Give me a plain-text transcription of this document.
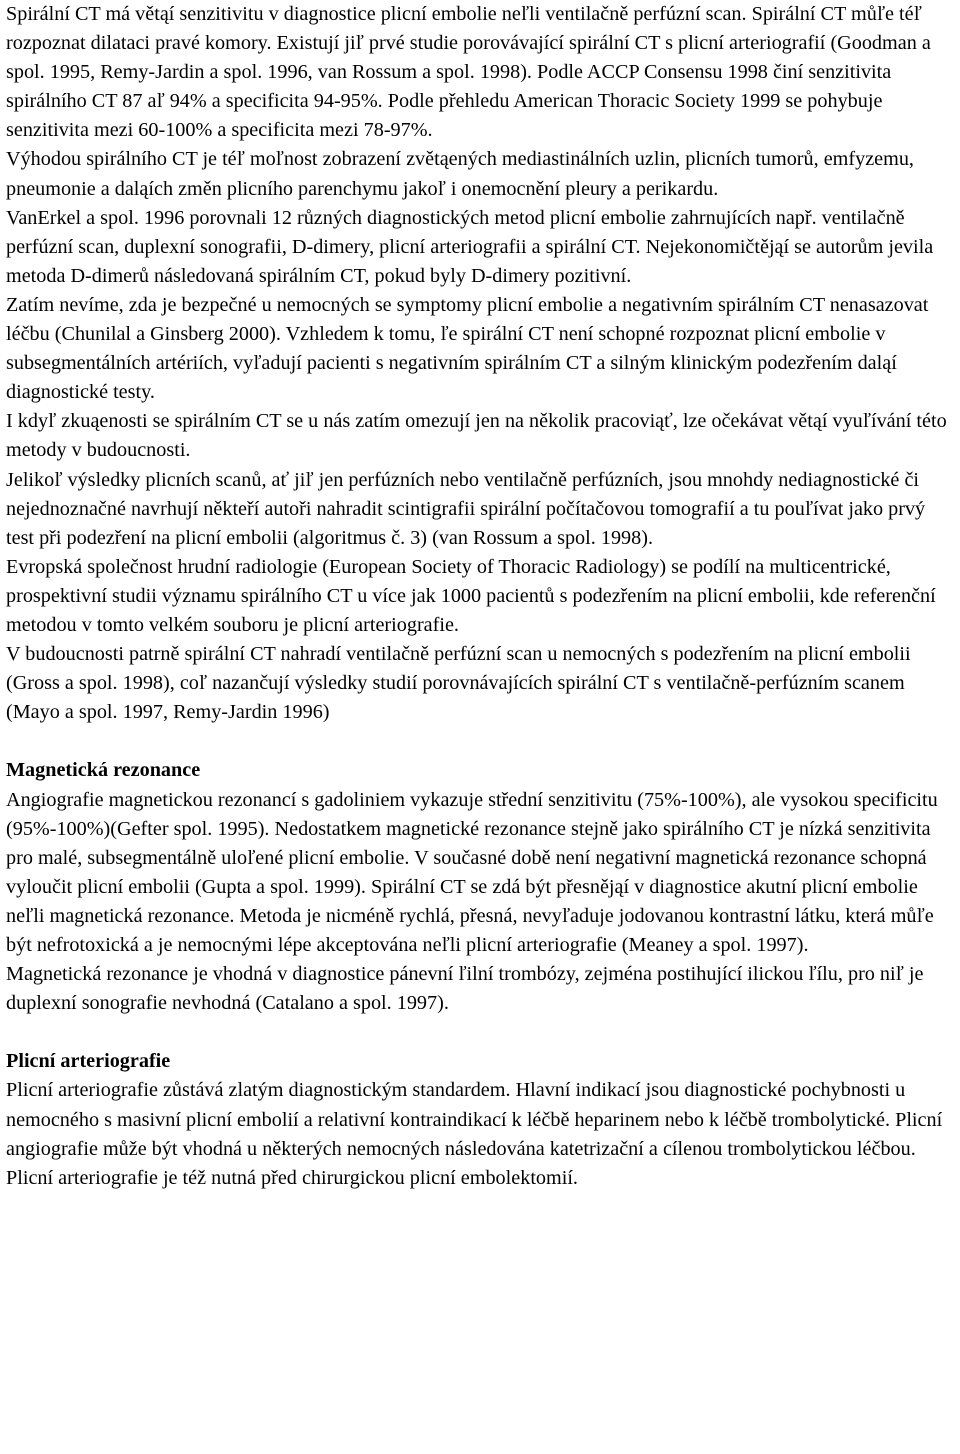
Spirální CT má větąí senzitivitu v diagnostice plicní embolie neľli ventilačně perfúzní scan. Spirální CT můľe téľ rozpoznat dilataci pravé komory. Existují jiľ prvé studie porovávající spirální CT s plicní arteriografií (Goodman a spol. 1995, Remy-Jardin a spol. 1996, van Rossum a spol. 1998). Podle ACCP Consensu 1998 činí senzitivita spirálního CT 87 aľ 94% a specificita 94-95%. Podle přehledu American Thoracic Society 1999 se pohybuje senzitivita mezi 60-100% a specificita mezi 78-97%.

Výhodou spirálního CT je téľ moľnost zobrazení zvětąených mediastinálních uzlin, plicních tumorů, emfyzemu, pneumonie a daląích změn plicního parenchymu jakoľ i onemocnění pleury a perikardu.

VanErkel a spol. 1996 porovnali 12 různých diagnostických metod plicní embolie zahrnujících např. ventilačně perfúzní scan, duplexní sonografii, D-dimery, plicní arteriografii a spirální CT. Nejekonomičtějąí se autorům jevila metoda D-dimerů následovaná spirálním CT, pokud byly D-dimery pozitivní.

Zatím nevíme, zda je bezpečné u nemocných se symptomy plicní embolie a negativním spirálním CT nenasazovat léčbu (Chunilal a Ginsberg 2000). Vzhledem k tomu, ľe spirální CT není schopné rozpoznat plicní embolie v subsegmentálních artériích, vyľadují pacienti s negativním spirálním CT a silným klinickým podezřením daląí diagnostické testy.

I kdyľ zkuąenosti se spirálním CT se u nás zatím omezují jen na několik pracoviąť, lze očekávat větąí vyuľívání této metody v budoucnosti.

Jelikoľ výsledky plicních scanů, ať jiľ jen perfúzních nebo ventilačně perfúzních, jsou mnohdy nediagnostické či nejednoznačné navrhují někteří autoři nahradit scintigrafii spirální počítačovou tomografií a tu pouľívat jako prvý test při podezření na plicní embolii (algoritmus č. 3) (van Rossum a spol. 1998).

Evropská společnost hrudní radiologie (European Society of Thoracic Radiology) se podílí na multicentrické, prospektivní studii významu spirálního CT u více jak 1000 pacientů s podezřením na plicní embolii, kde referenční metodou v tomto velkém souboru je plicní arteriografie.

V budoucnosti patrně spirální CT nahradí ventilačně perfúzní scan u nemocných s podezřením na plicní embolii (Gross a spol. 1998), coľ nazančují výsledky studií porovnávajících spirální CT s ventilačně-perfúzním scanem (Mayo a spol. 1997, Remy-Jardin 1996)

Magnetická rezonance

Angiografie magnetickou rezonancí s gadoliniem vykazuje střední senzitivitu (75%-100%), ale vysokou specificitu (95%-100%)(Gefter spol. 1995). Nedostatkem magnetické rezonance stejně jako spirálního CT je nízká senzitivita pro malé, subsegmentálně uloľené plicní embolie. V současné době není negativní magnetická rezonance schopná vyloučit plicní embolii (Gupta a spol. 1999). Spirální CT se zdá být přesnějąí v diagnostice akutní plicní embolie neľli magnetická rezonance. Metoda je nicméně rychlá, přesná, nevyľaduje jodovanou kontrastní látku, která můľe být nefrotoxická a je nemocnými lépe akceptována neľli plicní arteriografie (Meaney a spol. 1997).

Magnetická rezonance je vhodná v diagnostice pánevní ľilní trombózy, zejména postihující ilickou ľílu, pro niľ je duplexní sonografie nevhodná (Catalano a spol. 1997).

Plicní arteriografie

Plicní arteriografie zůstává zlatým diagnostickým standardem. Hlavní indikací jsou diagnostické pochybnosti u nemocného s masivní plicní embolií a relativní kontraindikací k léčbě heparinem nebo k léčbě trombolytické. Plicní angiografie může být vhodná u některých nemocných následována katetrizační a cílenou trombolytickou léčbou. Plicní arteriografie je též nutná před chirurgickou plicní embolektomií.
